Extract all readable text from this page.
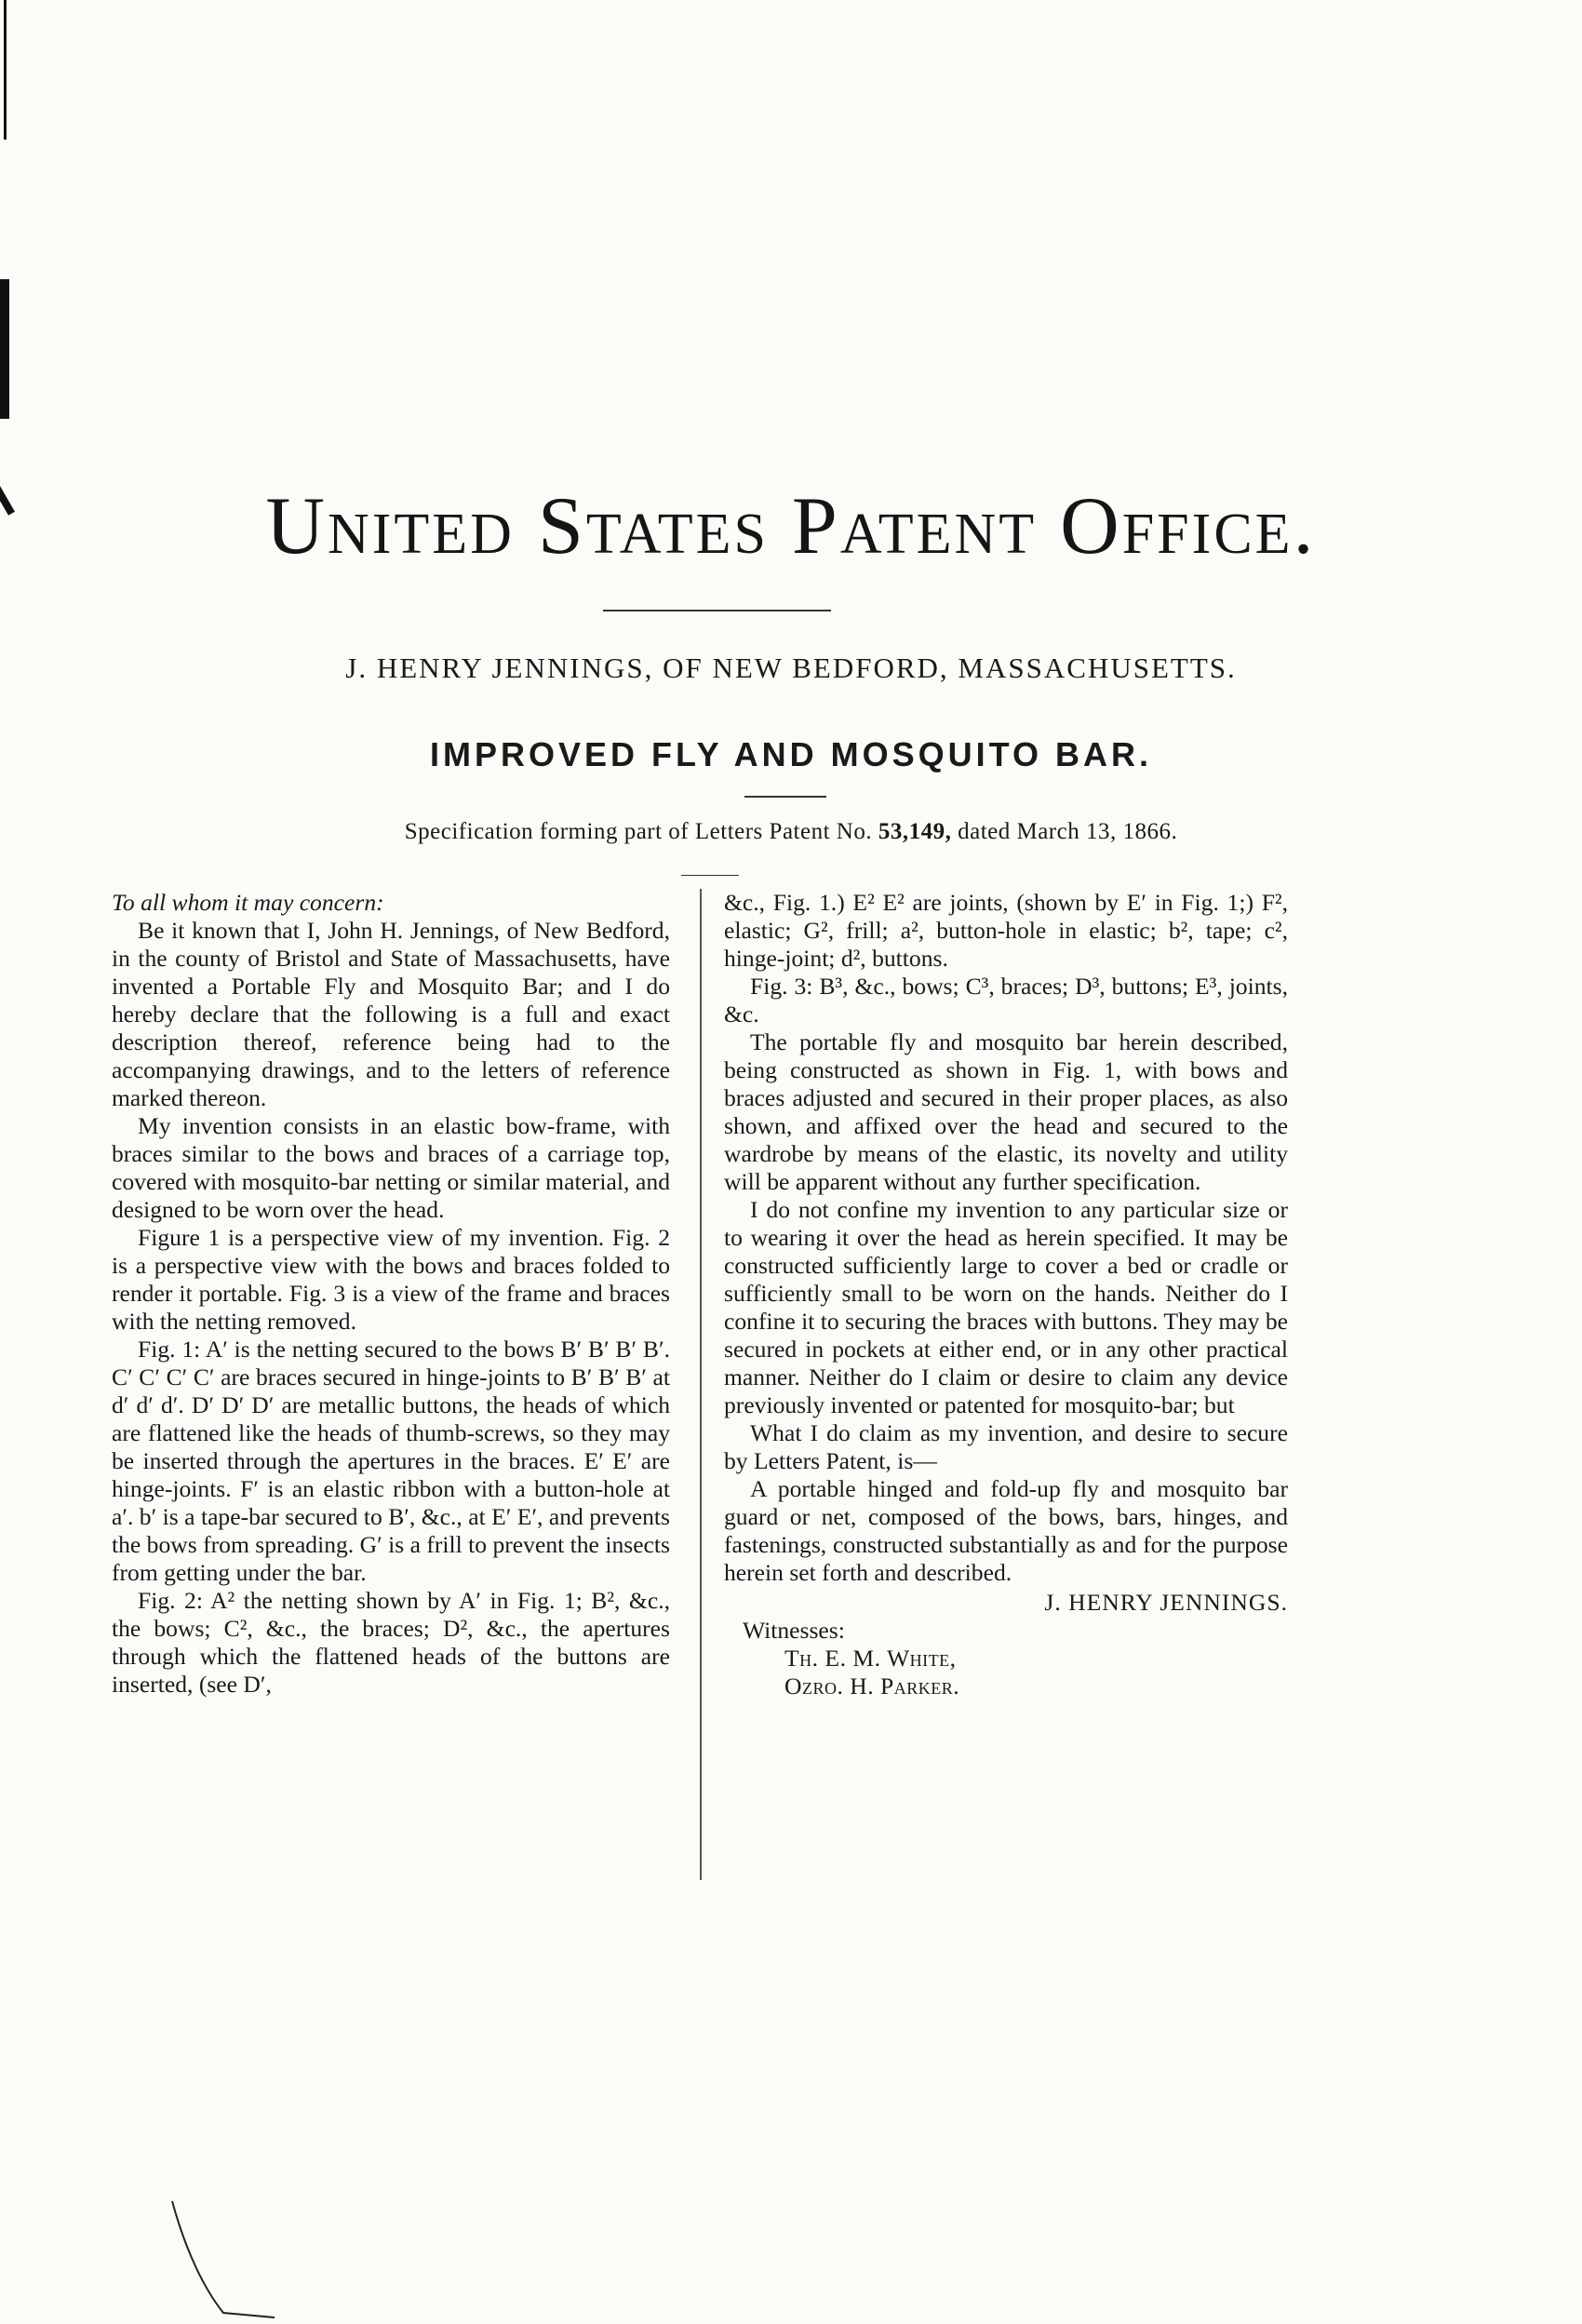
United States Patent Office.
J. HENRY JENNINGS, OF NEW BEDFORD, MASSACHUSETTS.
IMPROVED FLY AND MOSQUITO BAR.
Specification forming part of Letters Patent No. 53,149, dated March 13, 1866.

To all whom it may concern:

Be it known that I, John H. Jennings, of New Bedford, in the county of Bristol and State of Massachusetts, have invented a Portable Fly and Mosquito Bar; and I do hereby declare that the following is a full and exact description thereof, reference being had to the accompanying drawings, and to the letters of reference marked thereon.

My invention consists in an elastic bow-frame, with braces similar to the bows and braces of a carriage top, covered with mosquito-bar netting or similar material, and designed to be worn over the head.

Figure 1 is a perspective view of my invention. Fig. 2 is a perspective view with the bows and braces folded to render it portable. Fig. 3 is a view of the frame and braces with the netting removed.

Fig. 1: A′ is the netting secured to the bows B′ B′ B′ B′. C′ C′ C′ C′ are braces secured in hinge-joints to B′ B′ B′ at d′ d′ d′. D′ D′ D′ are metallic buttons, the heads of which are flattened like the heads of thumb-screws, so they may be inserted through the apertures in the braces. E′ E′ are hinge-joints. F′ is an elastic ribbon with a button-hole at a′. b′ is a tape-bar secured to B′, &c., at E′ E′, and prevents the bows from spreading. G′ is a frill to prevent the insects from getting under the bar.

Fig. 2: A² the netting shown by A′ in Fig. 1; B², &c., the bows; C², &c., the braces; D², &c., the apertures through which the flattened heads of the buttons are inserted, (see D′,

&c., Fig. 1.) E² E² are joints, (shown by E′ in Fig. 1;) F², elastic; G², frill; a², button-hole in elastic; b², tape; c², hinge-joint; d², buttons.

Fig. 3: B³, &c., bows; C³, braces; D³, buttons; E³, joints, &c.

The portable fly and mosquito bar herein described, being constructed as shown in Fig. 1, with bows and braces adjusted and secured in their proper places, as also shown, and affixed over the head and secured to the wardrobe by means of the elastic, its novelty and utility will be apparent without any further specification.

I do not confine my invention to any particular size or to wearing it over the head as herein specified. It may be constructed sufficiently large to cover a bed or cradle or sufficiently small to be worn on the hands. Neither do I confine it to securing the braces with buttons. They may be secured in pockets at either end, or in any other practical manner. Neither do I claim or desire to claim any device previously invented or patented for mosquito-bar; but

What I do claim as my invention, and desire to secure by Letters Patent, is—

A portable hinged and fold-up fly and mosquito bar guard or net, composed of the bows, bars, hinges, and fastenings, constructed substantially as and for the purpose herein set forth and described.

J. HENRY JENNINGS.

Witnesses:

Th. E. M. White,

Ozro. H. Parker.
